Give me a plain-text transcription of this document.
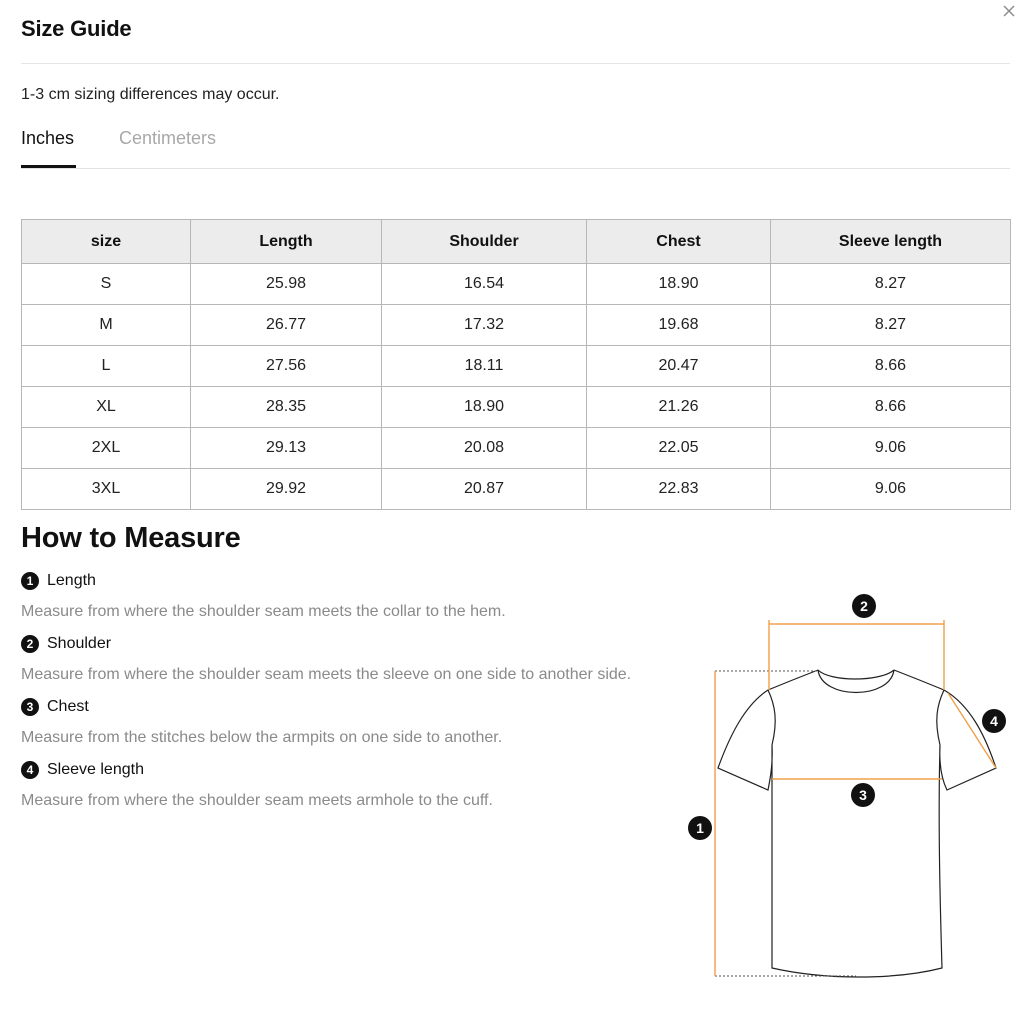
Size Guide
1-3 cm sizing differences may occur.
Inches Centimeters
size	Length	Shoulder	Chest	Sleeve length
S	25.98	16.54	18.90	8.27
M	26.77	17.32	19.68	8.27
L	27.56	18.11	20.47	8.66
XL	28.35	18.90	21.26	8.66
2XL	29.13	20.08	22.05	9.06
3XL	29.92	20.87	22.83	9.06
How to Measure
1 Length
Measure from where the shoulder seam meets the collar to the hem.
2 Shoulder
Measure from where the shoulder seam meets the sleeve on one side to another side.
3 Chest
Measure from the stitches below the armpits on one side to another.
4 Sleeve length
Measure from where the shoulder seam meets armhole to the cuff.
1
2
3
4
